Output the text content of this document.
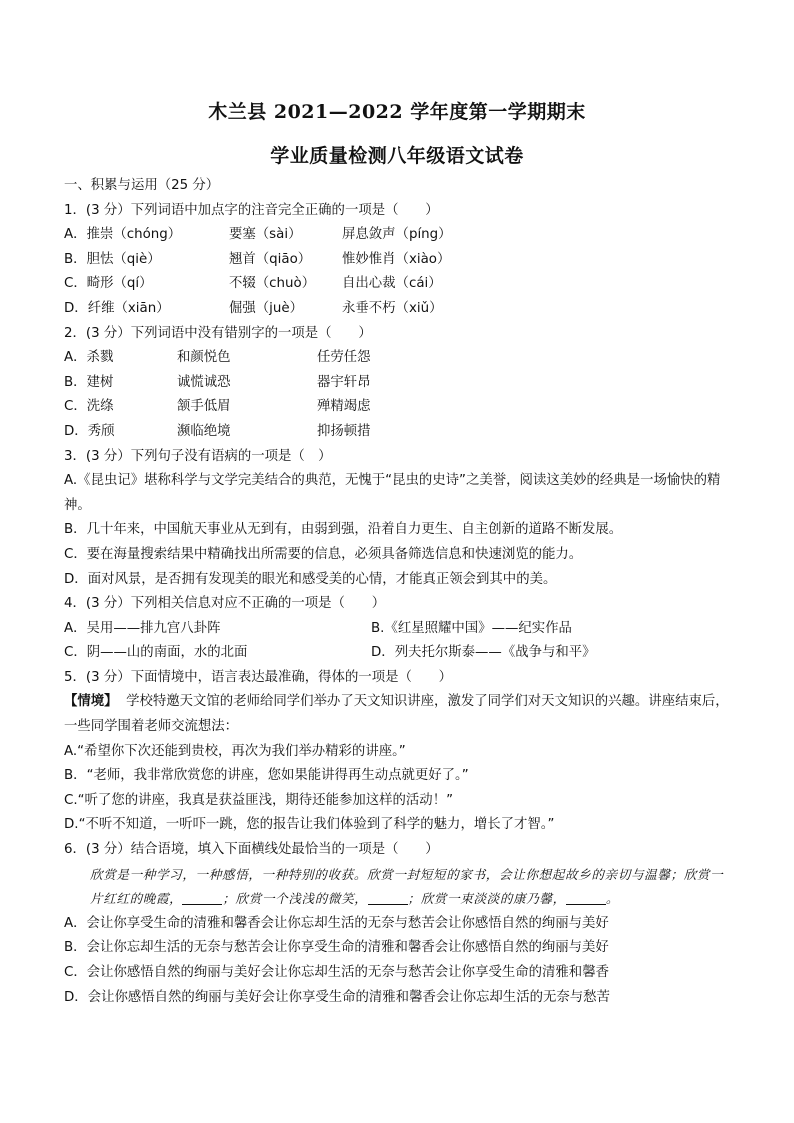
木兰县 2021—2022 学年度第一学期期末
学业质量检测八年级语文试卷
一、积累与运用（25 分）
1．(3 分）下列词语中加点字的注音完全正确的一项是（　　）
A．推崇（chóng）	要塞（sài）	屏息敛声（píng）
B．胆怯（qiè）	翘首（qiāo） 惟妙惟肖（xiào）
C．畸形（qí）	不辍（chuò） 自出心裁（cái）
D．纤维（xiān）	倔强（juè）	永垂不朽（xiǔ）
2．(3 分）下列词语中没有错别字的一项是（　　）
A．杀戮	和颜悦色	任劳任怨
B．建树	诚慌诚恐	器宇轩昂
C．洗绦	颔手低眉	殚精竭虑
D．秀颀	濒临绝境	抑扬顿措
3．(3 分）下列句子没有语病的一项是（　）
A.《昆虫记》堪称科学与文学完美结合的典范，无愧于“昆虫的史诗”之美誉，阅读这美妙的经典是一场愉快的精神。
B．几十年来，中国航天事业从无到有，由弱到强，沿着自力更生、自主创新的道路不断发展。
C．要在海量搜索结果中精确找出所需要的信息，必须具备筛选信息和快速浏览的能力。
D．面对风景，是否拥有发现美的眼光和感受美的心情，才能真正领会到其中的美。
4．(3 分）下列相关信息对应不正确的一项是（　　）
A．吴用——排九宫八卦阵	B.《红星照耀中国》——纪实作品
C．阴——山的南面，水的北面	D．列夫托尔斯泰——《战争与和平》
5．(3 分）下面情境中，语言表达最准确，得体的一项是（　　）
【情境】 学校特邀天文馆的老师给同学们举办了天文知识讲座，激发了同学们对天文知识的兴趣。讲座结束后，一些同学围着老师交流想法：
A.“希望你下次还能到贵校，再次为我们举办精彩的讲座。”
B．“老师，我非常欣赏您的讲座，您如果能讲得再生动点就更好了。”
C.“听了您的讲座，我真是获益匪浅，期待还能参加这样的活动！”
D.“不听不知道，一听吓一跳，您的报告让我们体验到了科学的魅力，增长了才智。”
6．(3 分）结合语境，填入下面横线处最恰当的一项是（　　）
欣赏是一种学习，一种感悟，一种特别的收获。欣赏一封短短的家书，会让你想起故乡的亲切与温馨；欣赏一片红红的晚霞，	；欣赏一个浅浅的微笑，	；欣赏一束淡淡的康乃馨，	。
A．会让你享受生命的清雅和馨香会让你忘却生活的无奈与愁苦会让你感悟自然的绚丽与美好
B．会让你忘却生活的无奈与愁苦会让你享受生命的清雅和馨香会让你感悟自然的绚丽与美好
C．会让你感悟自然的绚丽与美好会让你忘却生活的无奈与愁苦会让你享受生命的清雅和馨香
D．会让你感悟自然的绚丽与美好会让你享受生命的清雅和馨香会让你忘却生活的无奈与愁苦
